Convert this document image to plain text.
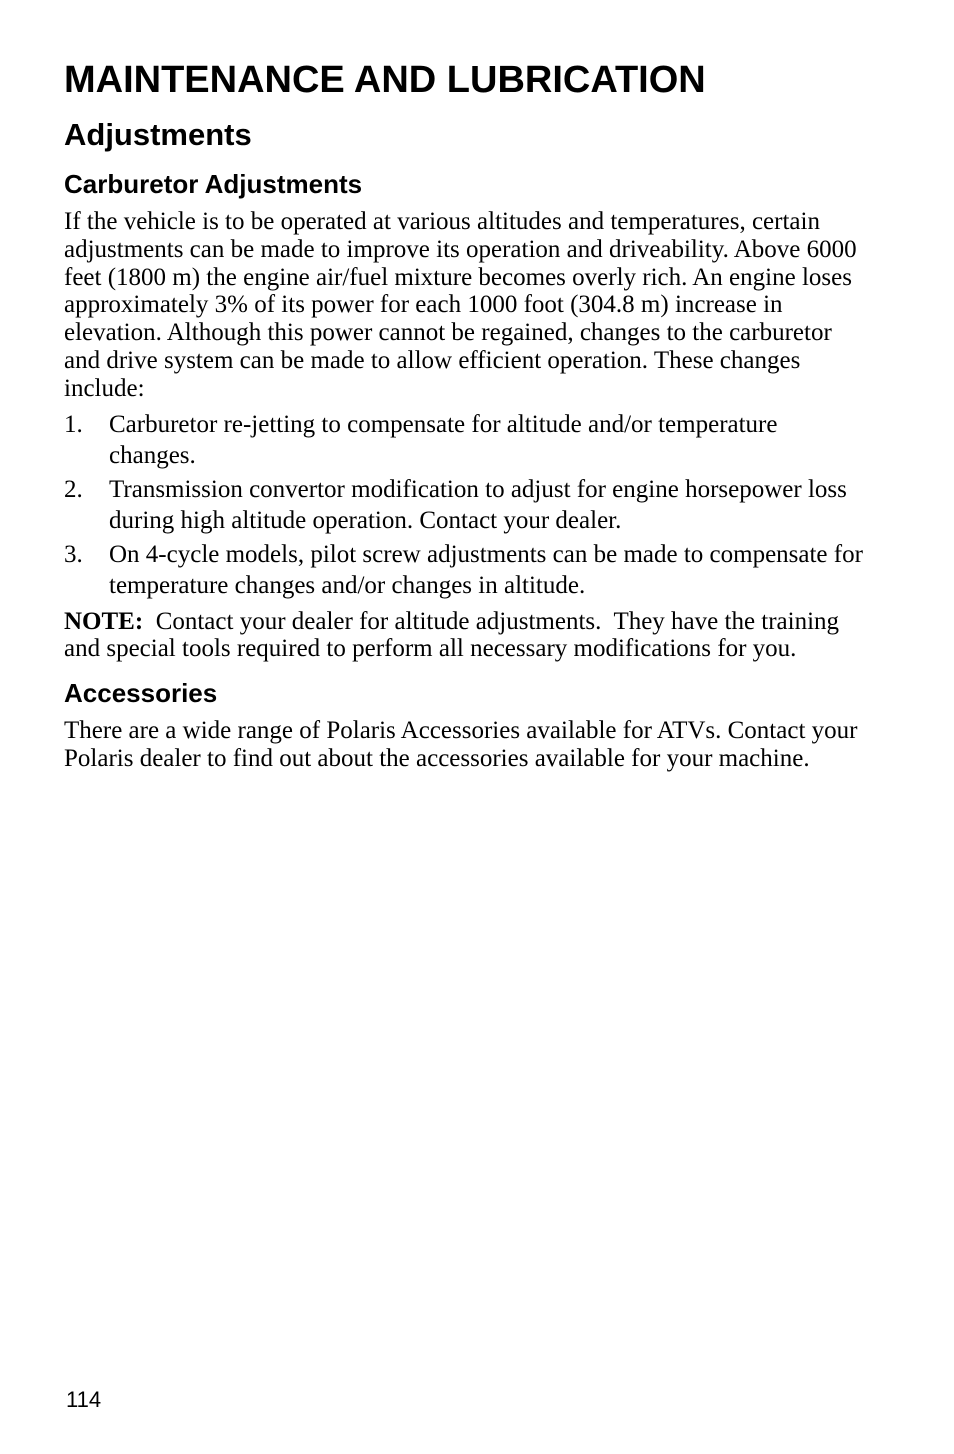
MAINTENANCE AND LUBRICATION
Adjustments
Carburetor Adjustments

If the vehicle is to be operated at various altitudes and temperatures, certain adjustments can be made to improve its operation and driveability. Above 6000 feet (1800 m) the engine air/fuel mixture becomes overly rich. An engine loses approximately 3% of its power for each 1000 foot (304.8 m) increase in elevation. Although this power cannot be regained, changes to the carburetor and drive system can be made to allow efficient operation. These changes include:

1.	Carburetor re-jetting to compensate for altitude and/or temperature changes.
2.	Transmission convertor modification to adjust for engine horsepower loss during high altitude operation. Contact your dealer.
3.	On 4-cycle models, pilot screw adjustments can be made to compensate for temperature changes and/or changes in altitude.

NOTE:  Contact your dealer for altitude adjustments.  They have the training and special tools required to perform all necessary modifications for you.

Accessories

There are a wide range of Polaris Accessories available for ATVs. Contact your Polaris dealer to find out about the accessories available for your machine.

114
